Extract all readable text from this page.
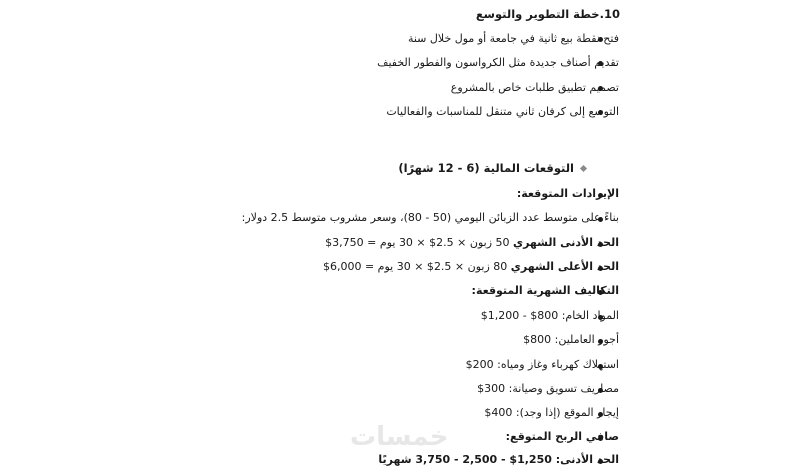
10.خطة التطوير والتوسع
فتح نقطة بيع ثانية في جامعة أو مول خلال سنة
تقديم أصناف جديدة مثل الكرواسون والفطور الخفيف
تصميم تطبيق طلبات خاص بالمشروع
التوسع إلى كرفان ثاني متنقل للمناسبات والفعاليات
التوقعات المالية (6 - 12 شهرًا)
الإيرادات المتوقعة:
بناءً على متوسط عدد الزبائن اليومي (50 - 80)، وسعر مشروب متوسط 2.5 دولار:
الحد الأدنى الشهري 50 زبون × 2.5$ × 30 يوم = 3,750$
الحد الأعلى الشهري 80 زبون × 2.5$ × 30 يوم = 6,000$
التكاليف الشهرية المتوقعة:
المواد الخام: 800$ - 1,200$
أجور العاملين: 800$
استهلاك كهرباء وغاز ومياه: 200$
مصاريف تسويق وصيانة: 300$
إيجار الموقع (إذا وجد): 400$
صافي الربح المتوقع:
الحد الأدنى: 1,250$ - 2,500 - 3,750 شهريًا
خمسات
